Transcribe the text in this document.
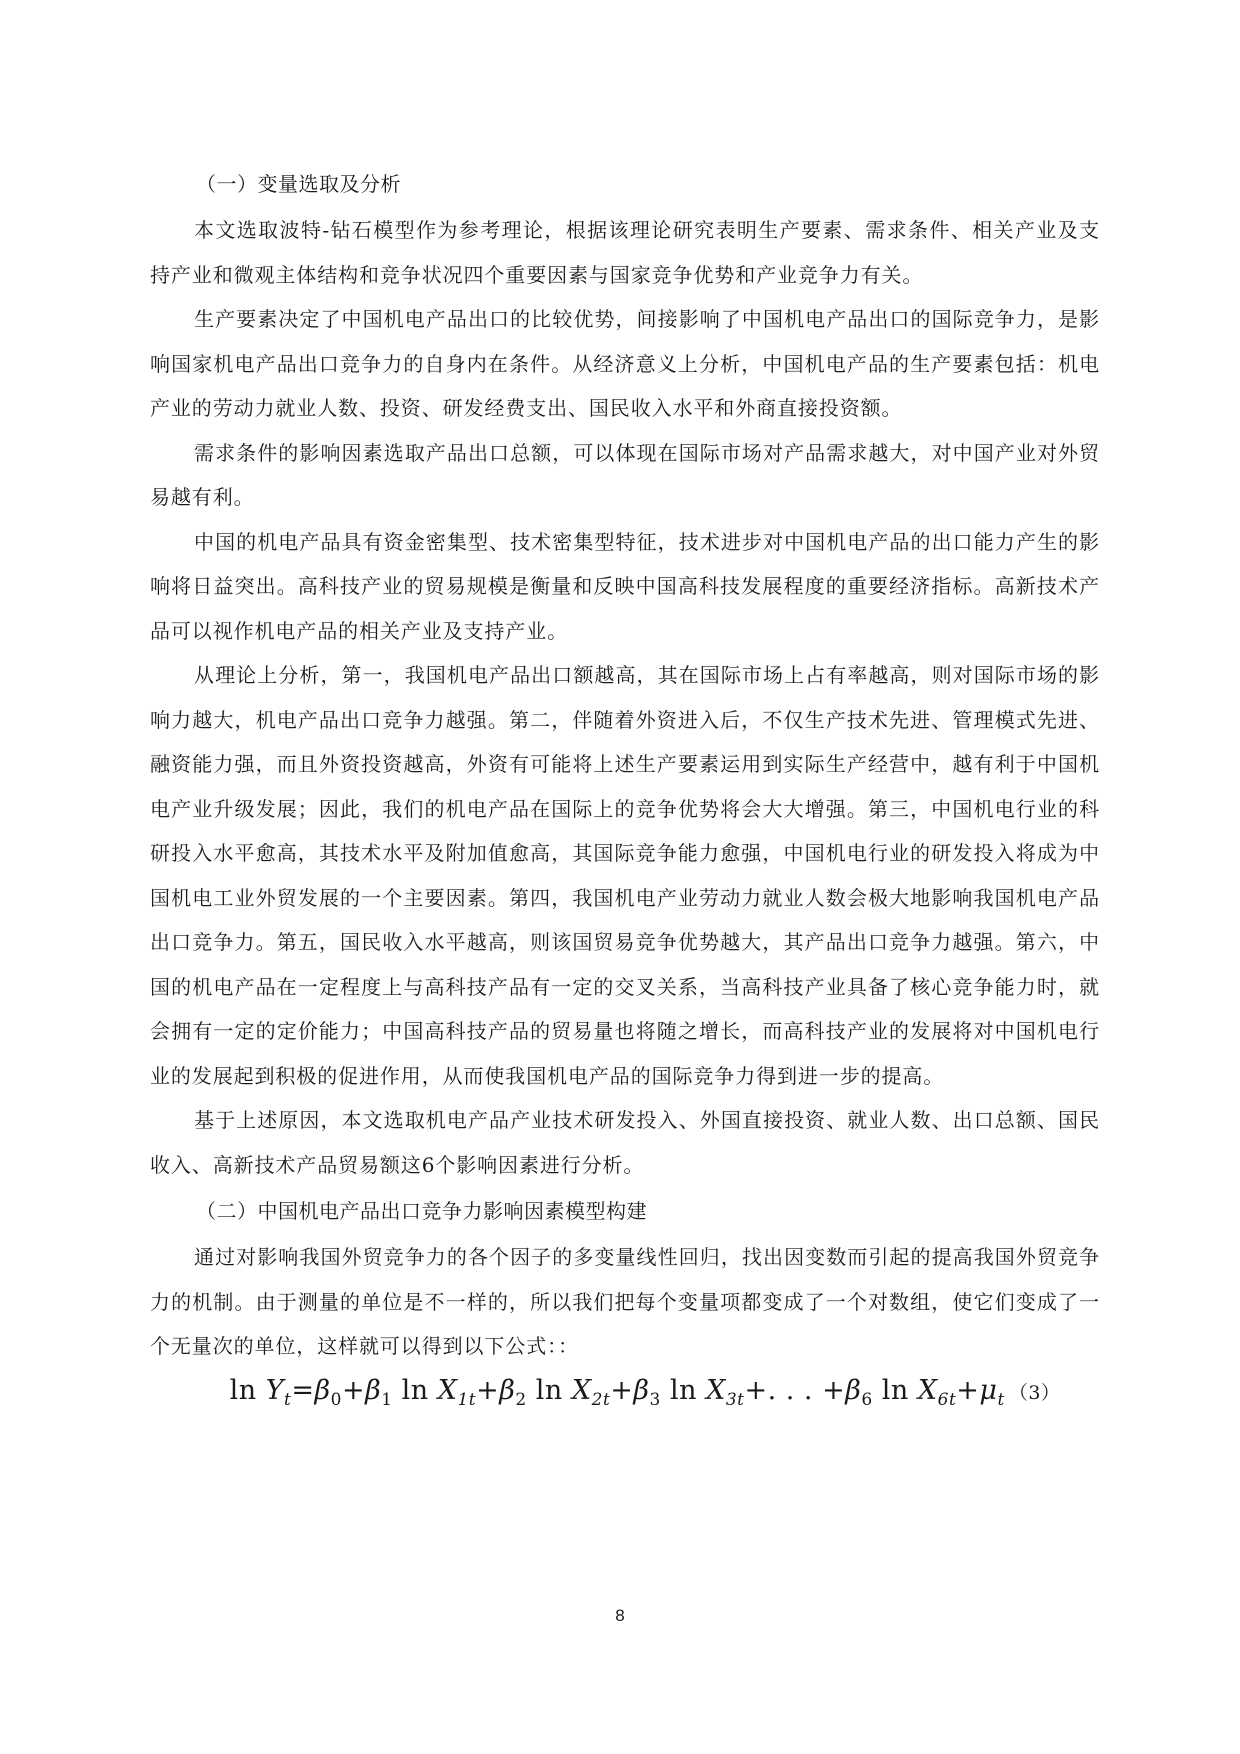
（一）变量选取及分析

本文选取波特-钻石模型作为参考理论，根据该理论研究表明生产要素、需求条件、相关产业及支持产业和微观主体结构和竞争状况四个重要因素与国家竞争优势和产业竞争力有关。

生产要素决定了中国机电产品出口的比较优势，间接影响了中国机电产品出口的国际竞争力，是影响国家机电产品出口竞争力的自身内在条件。从经济意义上分析，中国机电产品的生产要素包括：机电产业的劳动力就业人数、投资、研发经费支出、国民收入水平和外商直接投资额。

需求条件的影响因素选取产品出口总额，可以体现在国际市场对产品需求越大，对中国产业对外贸易越有利。

中国的机电产品具有资金密集型、技术密集型特征，技术进步对中国机电产品的出口能力产生的影响将日益突出。高科技产业的贸易规模是衡量和反映中国高科技发展程度的重要经济指标。高新技术产品可以视作机电产品的相关产业及支持产业。

从理论上分析，第一，我国机电产品出口额越高，其在国际市场上占有率越高，则对国际市场的影响力越大，机电产品出口竞争力越强。第二，伴随着外资进入后，不仅生产技术先进、管理模式先进、融资能力强，而且外资投资越高，外资有可能将上述生产要素运用到实际生产经营中，越有利于中国机电产业升级发展；因此，我们的机电产品在国际上的竞争优势将会大大增强。第三，中国机电行业的科研投入水平愈高，其技术水平及附加值愈高，其国际竞争能力愈强，中国机电行业的研发投入将成为中国机电工业外贸发展的一个主要因素。第四，我国机电产业劳动力就业人数会极大地影响我国机电产品出口竞争力。第五，国民收入水平越高，则该国贸易竞争优势越大，其产品出口竞争力越强。第六，中国的机电产品在一定程度上与高科技产品有一定的交叉关系，当高科技产业具备了核心竞争能力时，就会拥有一定的定价能力；中国高科技产品的贸易量也将随之增长，而高科技产业的发展将对中国机电行业的发展起到积极的促进作用，从而使我国机电产品的国际竞争力得到进一步的提高。

基于上述原因，本文选取机电产品产业技术研发投入、外国直接投资、就业人数、出口总额、国民收入、高新技术产品贸易额这6个影响因素进行分析。

（二）中国机电产品出口竞争力影响因素模型构建

通过对影响我国外贸竞争力的各个因子的多变量线性回归，找出因变数而引起的提高我国外贸竞争力的机制。由于测量的单位是不一样的，所以我们把每个变量项都变成了一个对数组，使它们变成了一个无量次的单位，这样就可以得到以下公式：：

$\ln Y_t=\beta_0+\beta_1$ $\ln X_{1t}+\beta_2$ $\ln X_{2t}+\beta_3$ $\ln X_{3t}+$. . . $+\beta_6$ $\ln X_{6t}+\mu_t$ （3）
8
